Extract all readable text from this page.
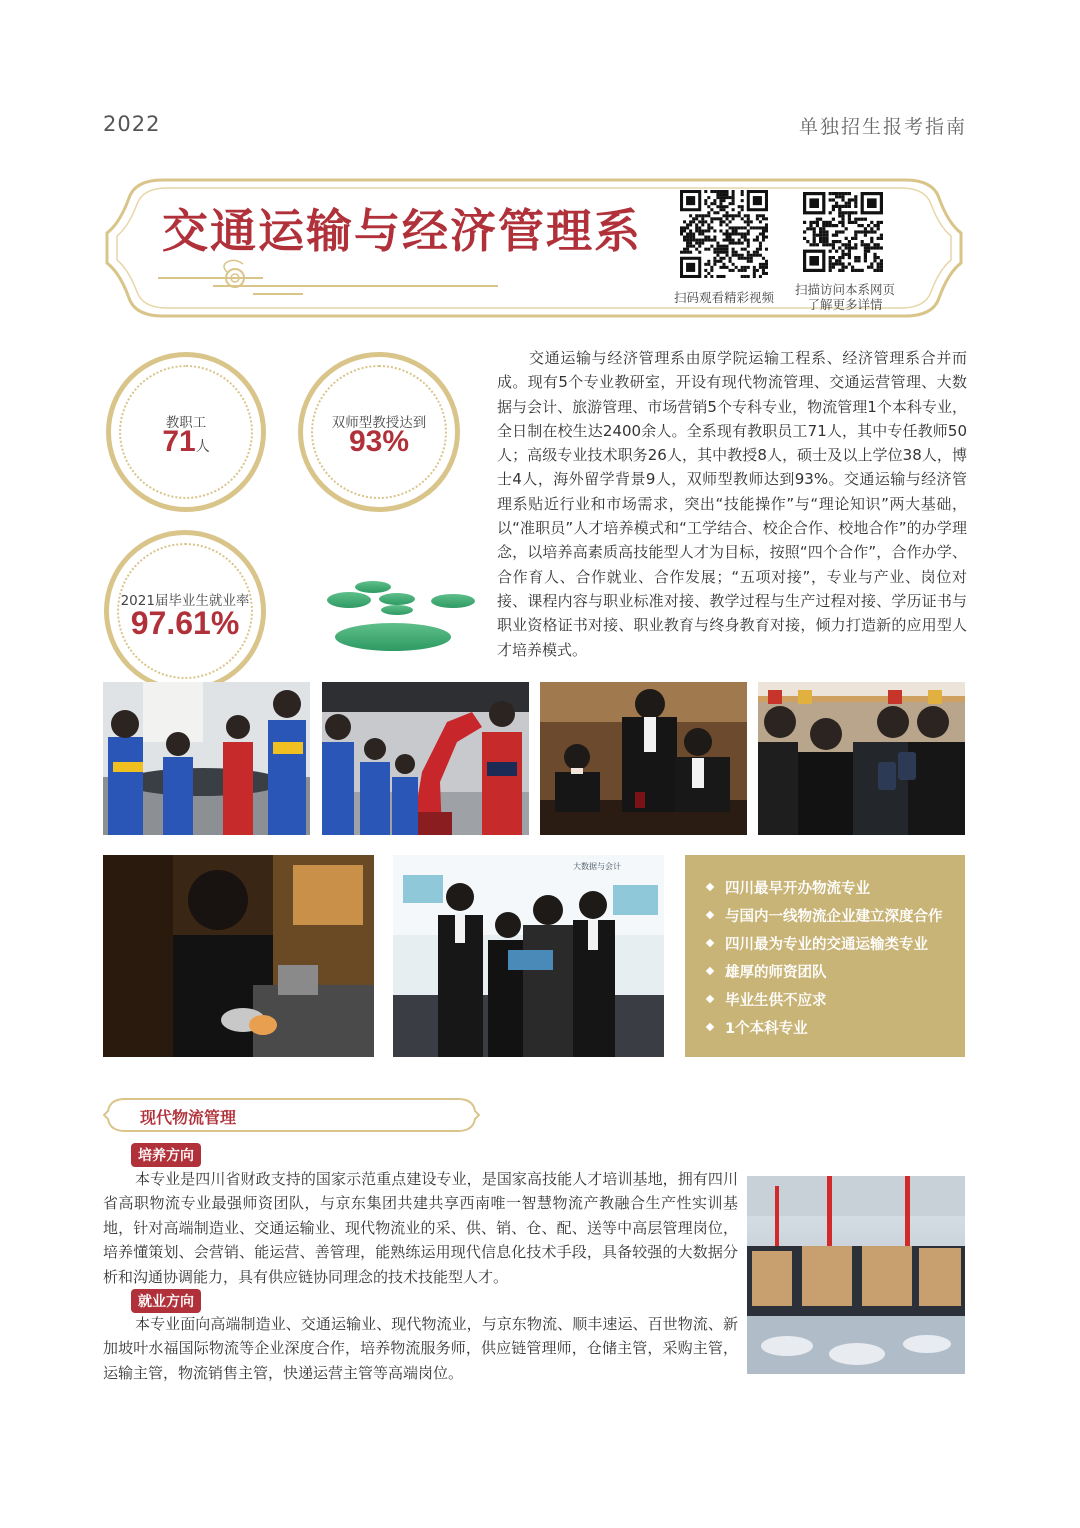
2022	单独招生报考指南
交通运输与经济管理系
扫码观看精彩视频
扫描访问本系网页
了解更多详情
教职工
71人
双师型教授达到
93%
2021届毕业生就业率
97.61%
交通运输与经济管理系由原学院运输工程系、经济管理系合并而成。现有5个专业教研室，开设有现代物流管理、交通运营管理、大数据与会计、旅游管理、市场营销5个专科专业，物流管理1个本科专业，全日制在校生达2400余人。全系现有教职员工71人，其中专任教师50人；高级专业技术职务26人，其中教授8人，硕士及以上学位38人，博士4人，海外留学背景9人，双师型教师达到93%。交通运输与经济管理系贴近行业和市场需求，突出“技能操作”与“理论知识”两大基础，以“准职员”人才培养模式和“工学结合、校企合作、校地合作”的办学理念，以培养高素质高技能型人才为目标，按照“四个合作”，合作办学、合作育人、合作就业、合作发展；“五项对接”，专业与产业、岗位对接、课程内容与职业标准对接、教学过程与生产过程对接、学历证书与职业资格证书对接、职业教育与终身教育对接，倾力打造新的应用型人才培养模式。
大数据与会计
四川最早开办物流专业
与国内一线物流企业建立深度合作
四川最为专业的交通运输类专业
雄厚的师资团队
毕业生供不应求
1个本科专业
现代物流管理
培养方向
本专业是四川省财政支持的国家示范重点建设专业，是国家高技能人才培训基地，拥有四川省高职物流专业最强师资团队，与京东集团共建共享西南唯一智慧物流产教融合生产性实训基地，针对高端制造业、交通运输业、现代物流业的采、供、销、仓、配、送等中高层管理岗位，培养懂策划、会营销、能运营、善管理，能熟练运用现代信息化技术手段，具备较强的大数据分析和沟通协调能力，具有供应链协同理念的技术技能型人才。
就业方向
本专业面向高端制造业、交通运输业、现代物流业，与京东物流、顺丰速运、百世物流、新加坡叶水福国际物流等企业深度合作，培养物流服务师，供应链管理师，仓储主管，采购主管，运输主管，物流销售主管，快递运营主管等高端岗位。
